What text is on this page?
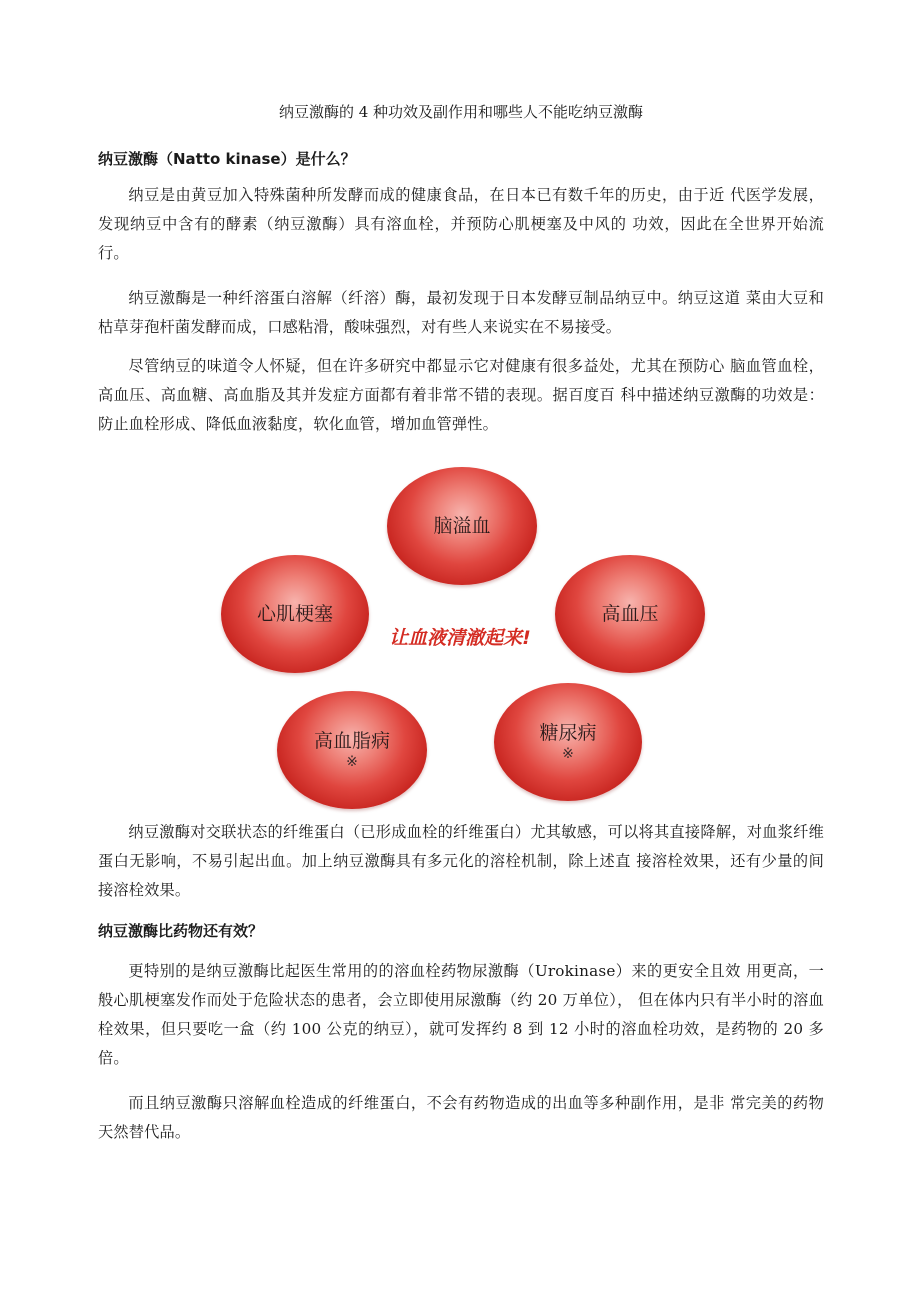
纳豆激酶的 4 种功效及副作用和哪些人不能吃纳豆激酶
纳豆激酶（Natto kinase）是什么？
纳豆是由黄豆加入特殊菌种所发酵而成的健康食品，在日本已有数千年的历史，由于近 代医学发展，发现纳豆中含有的酵素（纳豆激酶）具有溶血栓，并预防心肌梗塞及中风的 功效，因此在全世界开始流行。
纳豆激酶是一种纤溶蛋白溶解（纤溶）酶，最初发现于日本发酵豆制品纳豆中。纳豆这道 菜由大豆和枯草芽孢杆菌发酵而成，口感粘滑，酸味强烈，对有些人来说实在不易接受。
尽管纳豆的味道令人怀疑，但在许多研究中都显示它对健康有很多益处，尤其在预防心 脑血管血栓，高血压、高血糖、高血脂及其并发症方面都有着非常不错的表现。据百度百 科中描述纳豆激酶的功效是：防止血栓形成、降低血液黏度，软化血管，增加血管弹性。
脑溢血
心肌梗塞	高血压
让血液清澈起来!
高血脂病
※
糖尿病
※
纳豆激酶对交联状态的纤维蛋白（已形成血栓的纤维蛋白）尤其敏感，可以将其直接降解，对血浆纤维蛋白无影响，不易引起出血。加上纳豆激酶具有多元化的溶栓机制，除上述直 接溶栓效果，还有少量的间接溶栓效果。
纳豆激酶比药物还有效？
更特别的是纳豆激酶比起医生常用的的溶血栓药物尿激酶（Urokinase）来的更安全且效 用更高，一般心肌梗塞发作而处于危险状态的患者，会立即使用尿激酶（约 20 万单位）， 但在体内只有半小时的溶血栓效果，但只要吃一盒（约 100 公克的纳豆），就可发挥约 8 到 12 小时的溶血栓功效，是药物的 20 多倍。
而且纳豆激酶只溶解血栓造成的纤维蛋白，不会有药物造成的出血等多种副作用，是非 常完美的药物天然替代品。
